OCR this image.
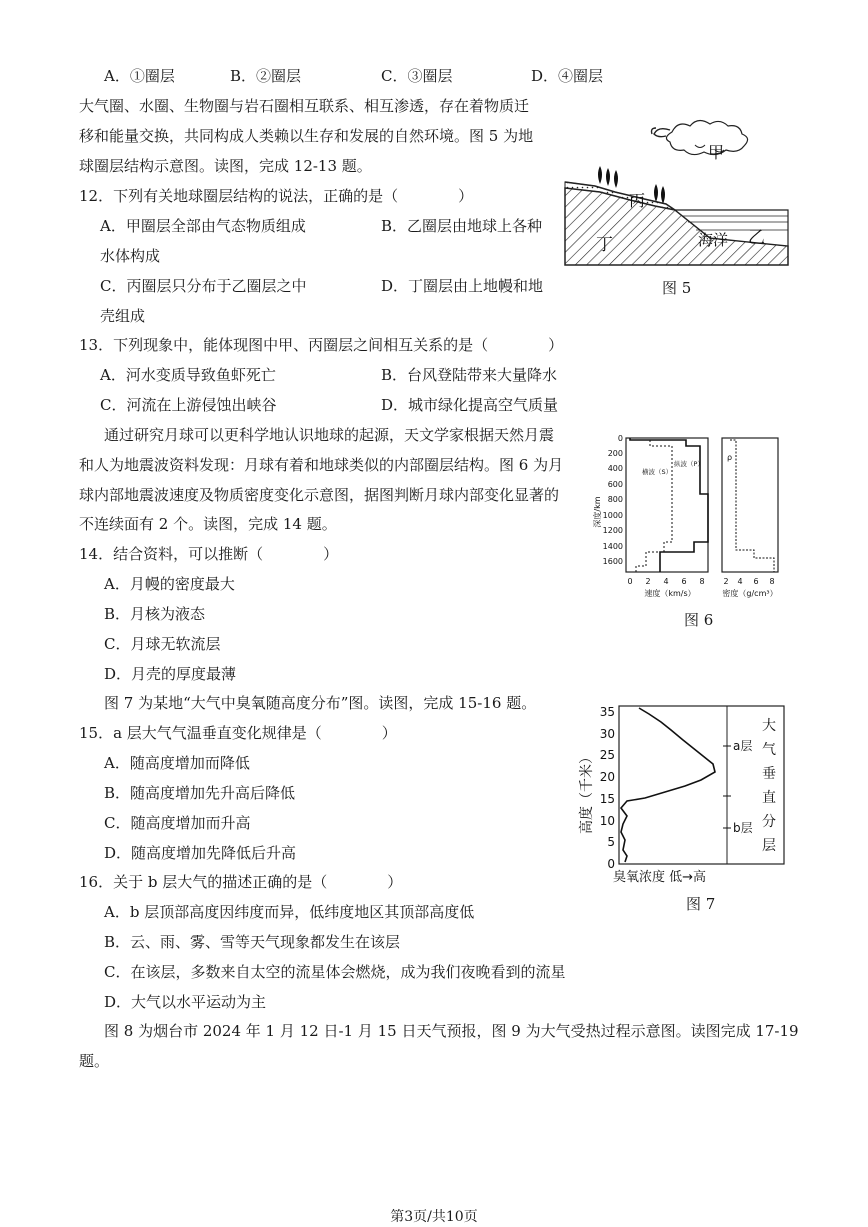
A．①圈层	B．②圈层	C．③圈层	D．④圈层
大气圈、水圈、生物圈与岩石圈相互联系、相互渗透，存在着物质迁
移和能量交换，共同构成人类赖以生存和发展的自然环境。图 5 为地
球圈层结构示意图。读图，完成 12-13 题。
12．下列有关地球圈层结构的说法，正确的是（　　　　）
A．甲圈层全部由气态物质组成	B．乙圈层由地球上各种
水体构成
C．丙圈层只分布于乙圈层之中	D．丁圈层由上地幔和地
壳组成
13．下列现象中，能体现图中甲、丙圈层之间相互关系的是（　　　　）
A．河水变质导致鱼虾死亡	B．台风登陆带来大量降水
C．河流在上游侵蚀出峡谷	D．城市绿化提高空气质量
通过研究月球可以更科学地认识地球的起源，天文学家根据天然月震
和人为地震波资料发现：月球有着和地球类似的内部圈层结构。图 6 为月
球内部地震波速度及物质密度变化示意图，据图判断月球内部变化显著的
不连续面有 2 个。读图，完成 14 题。
14．结合资料，可以推断（　　　　）
A．月幔的密度最大
B．月核为液态
C．月球无软流层
D．月壳的厚度最薄
图 7 为某地“大气中臭氧随高度分布”图。读图，完成 15-16 题。
15．a 层大气气温垂直变化规律是（　　　　）
A．随高度增加而降低
B．随高度增加先升高后降低
C．随高度增加而升高
D．随高度增加先降低后升高
16．关于 b 层大气的描述正确的是（　　　　）
A．b 层顶部高度因纬度而异，低纬度地区其顶部高度低
B．云、雨、雾、雪等天气现象都发生在该层
C．在该层，多数来自太空的流星体会燃烧，成为我们夜晚看到的流星
D．大气以水平运动为主
图 8 为烟台市 2024 年 1 月 12 日-1 月 15 日天气预报，图 9 为大气受热过程示意图。读图完成 17-19
题。
甲
丙
丁	海洋 乙
图 5
0
200
400
600
800
1000
1200
1400
1600
深度/km
横波（S）
纵波（P）
ρ
0 2 4 6 8
速度（km/s）
2 4 6 8
密度（g/cm³）
图 6
0
5
10
15
20
25
30
35
高度（千米）
a层
b层
大
气
垂
直
分
层
臭氧浓度 低→高
图 7
第3页/共10页
